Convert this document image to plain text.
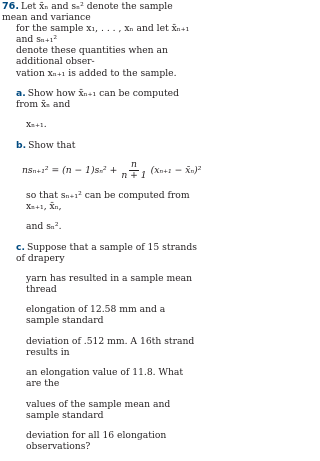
76. Let x̄ₙ and sₙ² denote the sample mean and variance

for the sample x₁, . . . , xₙ and let x̄ₙ₊₁ and sₙ₊₁²

denote these quantities when an additional obser-

vation xₙ₊₁ is added to the sample.

a. Show how x̄ₙ₊₁ can be computed from x̄ₙ and

xₙ₊₁.

b. Show that

$ns_{n+1}^2 = (n - 1)s_n^2 + \frac{n}{n + 1} (x_{n+1}$ − x̄ₙ)²

so that sₙ₊₁² can be computed from xₙ₊₁, x̄ₙ,

and sₙ².

c. Suppose that a sample of 15 strands of drapery

yarn has resulted in a sample mean thread

elongation of 12.58 mm and a sample standard

deviation of .512 mm. A 16th strand results in

an elongation value of 11.8. What are the

values of the sample mean and sample standard

deviation for all 16 elongation observations?
